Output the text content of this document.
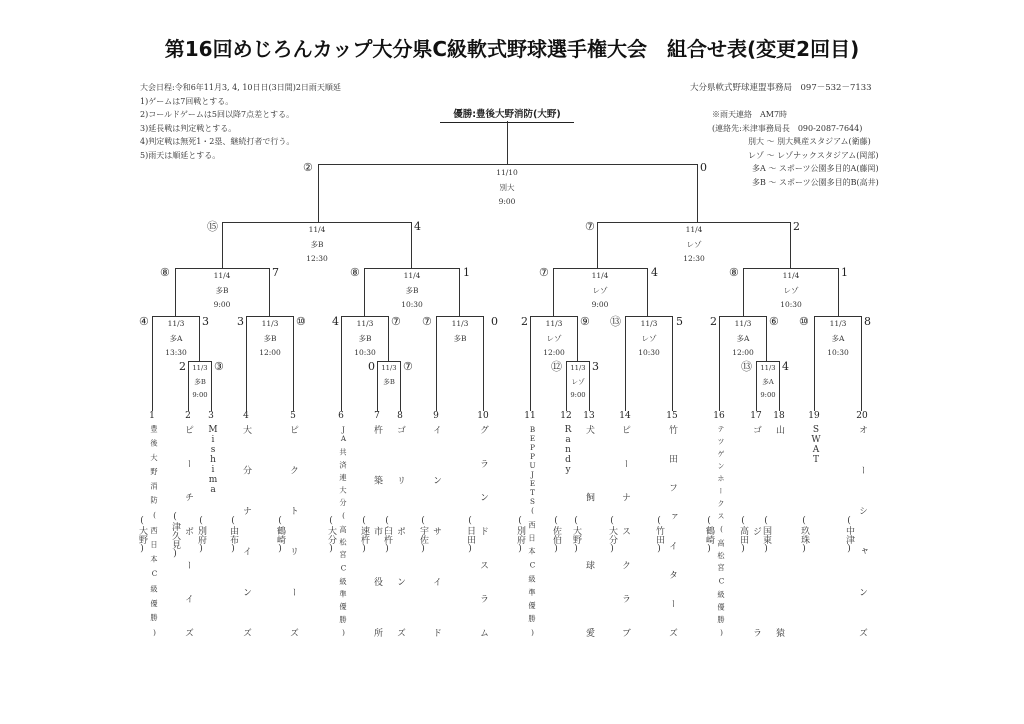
第16回めじろんカップ大分県C級軟式野球選手権大会　組合せ表(変更2回目)
大会日程:令和6年11月3, 4, 10日日(3日間)2日雨天順延
1)ゲームは7回戦とする。
2)コールドゲームは5回以降7点差とする。
3)延長戦は判定戦とする。
4)判定戦は無死1・2塁、継続打者で行う。
5)雨天は順延とする。
大分県軟式野球連盟事務局　097－532－7133
※雨天連絡　AM7時
(連絡先:米津事務局長　090-2087-7644)
別大 ～ 別大興産スタジアム(衛藤)
レゾ ～ レゾナックスタジアム(岡部)
多A ～ スポーツ公園多目的A(藤岡)
多B ～ スポーツ公園多目的B(高井)
優勝:豊後大野消防(大野)
11/10
別大
9:00
②	0
11/4
多B
12:30
⑮	4	11/4
レゾ
12:30
⑦	2
11/4
多B
9:00
⑧	7	11/4
多B
10:30
⑧	1	11/4
レゾ
9:00
⑦	4	11/4
レゾ
10:30
⑧	1
11/3
多A
13:30
④	3	11/3
多B
12:00
3	⑩	11/3
多B
10:30
4	⑦	11/3
多B
⑦	0	11/3
レゾ
12:00
2	⑨	11/3
レゾ
10:30
⑬	5	11/3
多A
12:00
2	⑥	11/3
多A
10:30
⑩	8
11/3
多B
9:00
2	③	11/3
多B
0	⑦	11/3
レゾ
9:00
⑫	3	11/3
多A
9:00
⑬	4
1
豊後大野消防(西日本C級優勝)
(大野)
2
ピーチボーイズ
(津久見)
3
Mishima
(別府)
4
大分ナインズ
(由布)
5
ピクトリーズ
(鶴崎)
6
JA共済連大分(高松宮C級準優勝)
(大分)
7
杵築市役所
(速杵)
8
ゴリポンズ
(臼杵)
9
インサイド
(宇佐)
10
グランドスラム
(日田)
11
BEPPUJETS(西日本C級準優勝)
(別府)
12
Randy
(佐伯)
13
犬飼球愛
(大野)
14
ピーナスクラブ
(大分)
15
竹田ファイターズ
(竹田)
16
テツゲンホークス(高松宮C級優勝)
(鶴崎)
17
ゴジラ
(高田)
18
山猿
(国東)
19
SWAT
(玖珠)
20
オーシャンズ
(中津)
